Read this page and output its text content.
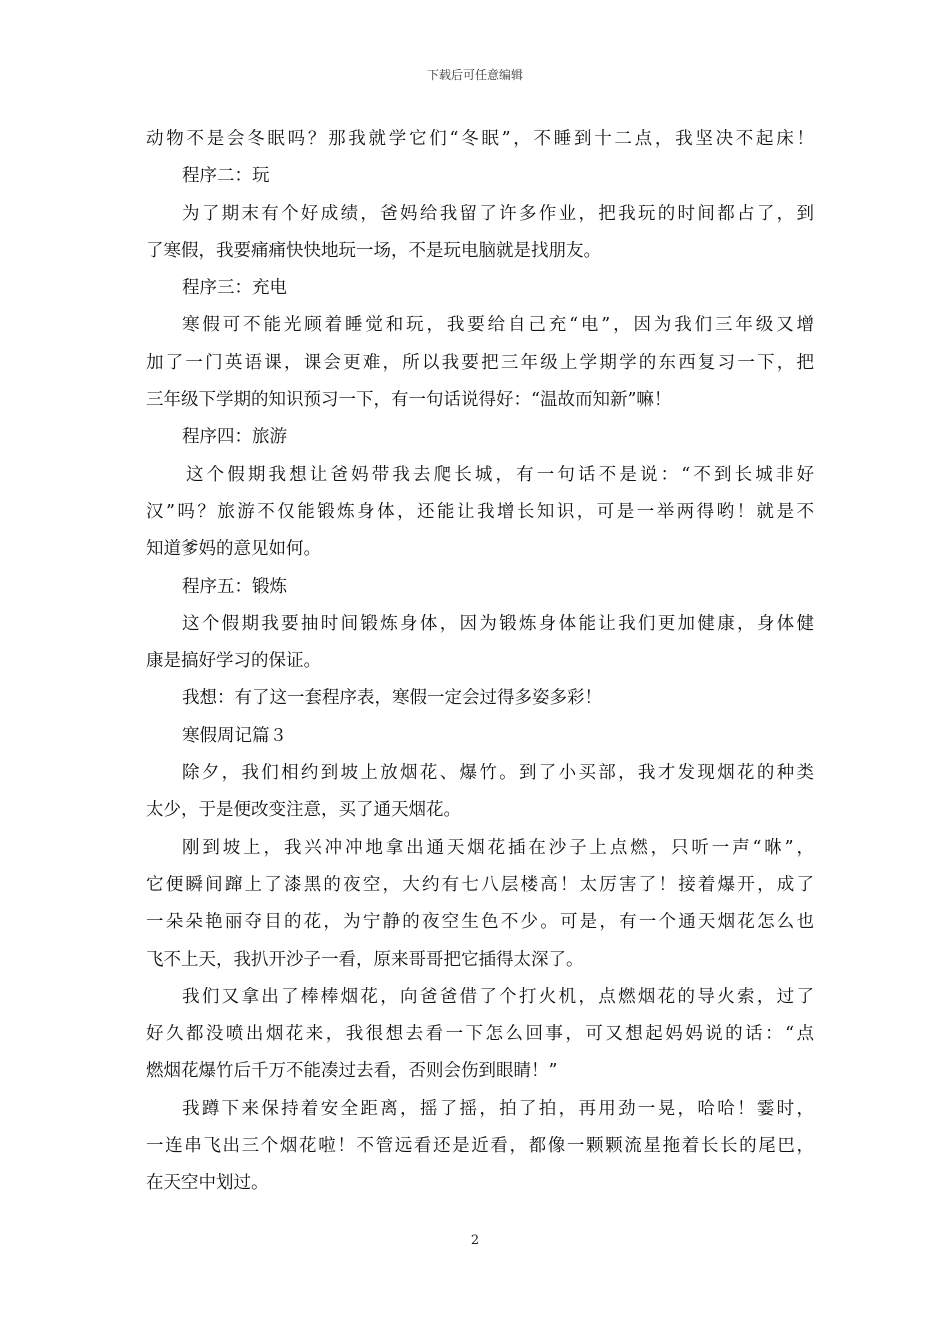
下载后可任意编辑
动物不是会冬眠吗？那我就学它们“冬眠”，不睡到十二点，我坚决不起床！
程序二：玩
为了期末有个好成绩，爸妈给我留了许多作业，把我玩的时间都占了，到
了寒假，我要痛痛快快地玩一场，不是玩电脑就是找朋友。
程序三：充电
寒假可不能光顾着睡觉和玩，我要给自己充“电”，因为我们三年级又增
加了一门英语课，课会更难，所以我要把三年级上学期学的东西复习一下，把
三年级下学期的知识预习一下，有一句话说得好：“温故而知新”嘛！
程序四：旅游
这个假期我想让爸妈带我去爬长城，有一句话不是说：“不到长城非好
汉”吗？旅游不仅能锻炼身体，还能让我增长知识，可是一举两得哟！就是不
知道爹妈的意见如何。
程序五：锻炼
这个假期我要抽时间锻炼身体，因为锻炼身体能让我们更加健康，身体健
康是搞好学习的保证。
我想：有了这一套程序表，寒假一定会过得多姿多彩！
寒假周记篇３
除夕，我们相约到坡上放烟花、爆竹。到了小买部，我才发现烟花的种类
太少，于是便改变注意，买了通天烟花。
刚到坡上，我兴冲冲地拿出通天烟花插在沙子上点燃，只听一声“咻”，
它便瞬间蹿上了漆黑的夜空，大约有七八层楼高！太厉害了！接着爆开，成了
一朵朵艳丽夺目的花，为宁静的夜空生色不少。可是，有一个通天烟花怎么也
飞不上天，我扒开沙子一看，原来哥哥把它插得太深了。
我们又拿出了棒棒烟花，向爸爸借了个打火机，点燃烟花的导火索，过了
好久都没喷出烟花来，我很想去看一下怎么回事，可又想起妈妈说的话：“点
燃烟花爆竹后千万不能凑过去看，否则会伤到眼睛！”
我蹲下来保持着安全距离，摇了摇，拍了拍，再用劲一晃，哈哈！霎时，
一连串飞出三个烟花啦！不管远看还是近看，都像一颗颗流星拖着长长的尾巴，
在天空中划过。
2
